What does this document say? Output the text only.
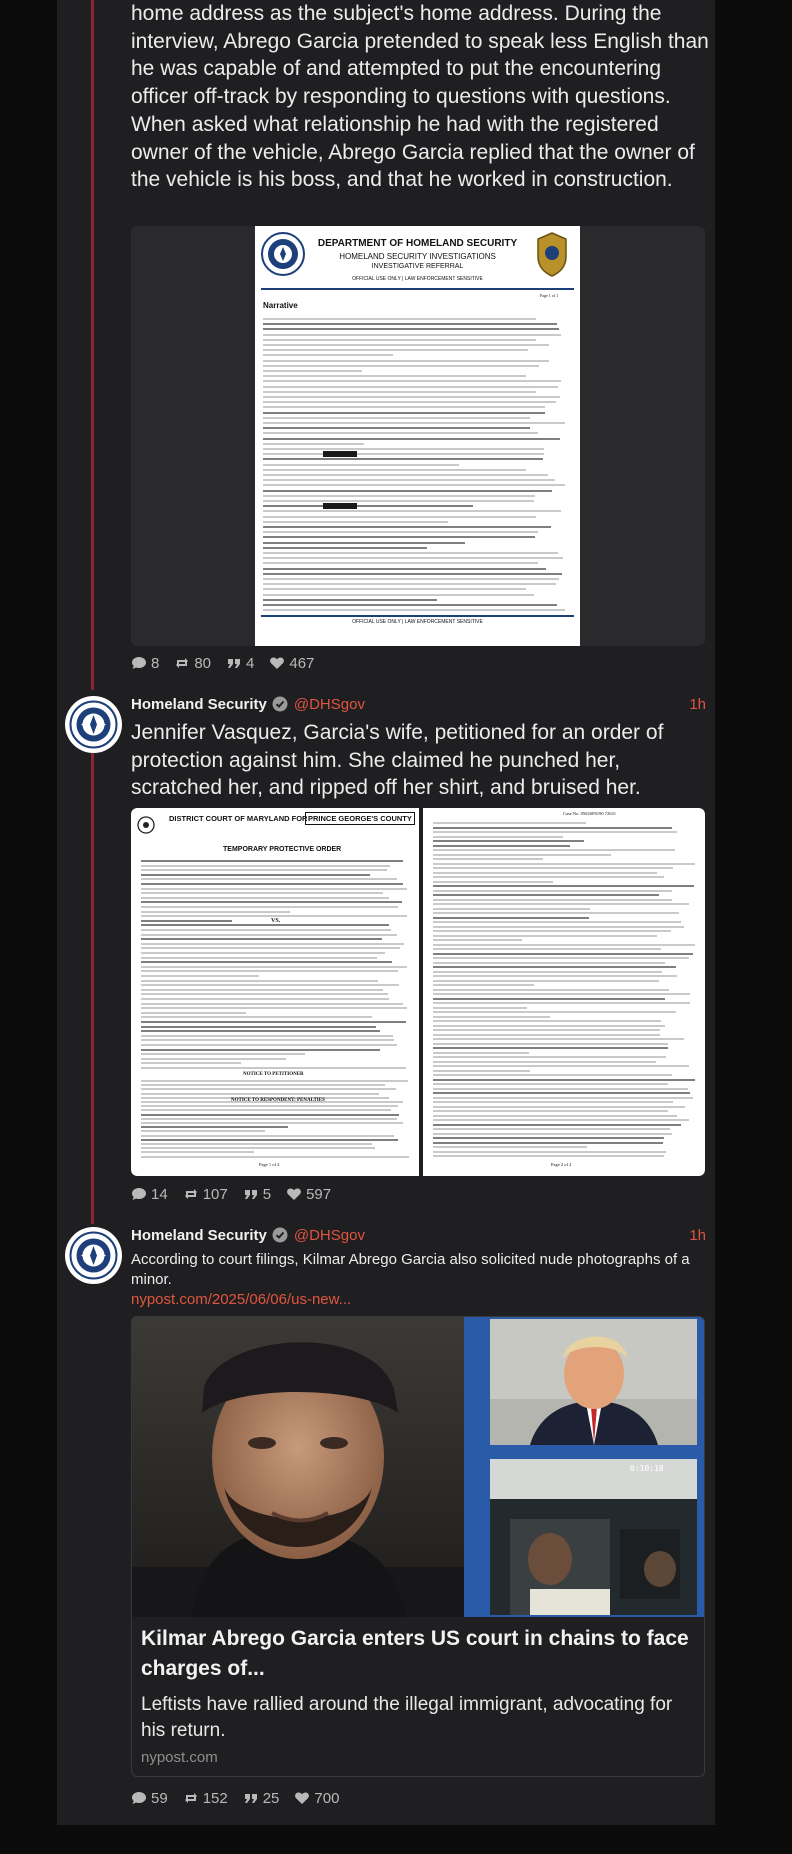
home address as the subject's home address. During the interview, Abrego Garcia pretended to speak less English than he was capable of and attempted to put the encountering officer off-track by responding to questions with questions. When asked what relationship he had with the registered owner of the vehicle, Abrego Garcia replied that the owner of the vehicle is his boss, and that he worked in construction.
DEPARTMENT OF HOMELAND SECURITY
HOMELAND SECURITY INVESTIGATIONS
INVESTIGATIVE REFERRAL
OFFICIAL USE ONLY | LAW ENFORCEMENT SENSITIVE
Page 1 of 1
Narrative
OFFICIAL USE ONLY | LAW ENFORCEMENT SENSITIVE
8 80 4 467
Homeland Security @DHSgov	1h
Jennifer Vasquez, Garcia's wife, petitioned for an order of protection against him. She claimed he punched her, scratched her, and ripped off her shirt, and bruised her.
DISTRICT COURT OF MARYLAND FOR PRINCE GEORGE'S COUNTY
TEMPORARY PROTECTIVE ORDER
VS.
NOTICE TO PETITIONER
NOTICE TO RESPONDENT: PENALTIES
Page 1 of 2
Case No. 0502SP0190 72021
Page 2 of 2
14 107 5 597
Homeland Security @DHSgov	1h
According to court filings, Kilmar Abrego Garcia also solicited nude photographs of a minor.
nypost.com/2025/06/06/us-new...
0:10:18
Kilmar Abrego Garcia enters US court in chains to face charges of...
Leftists have rallied around the illegal immigrant, advocating for his return.
nypost.com
59 152 25 700
